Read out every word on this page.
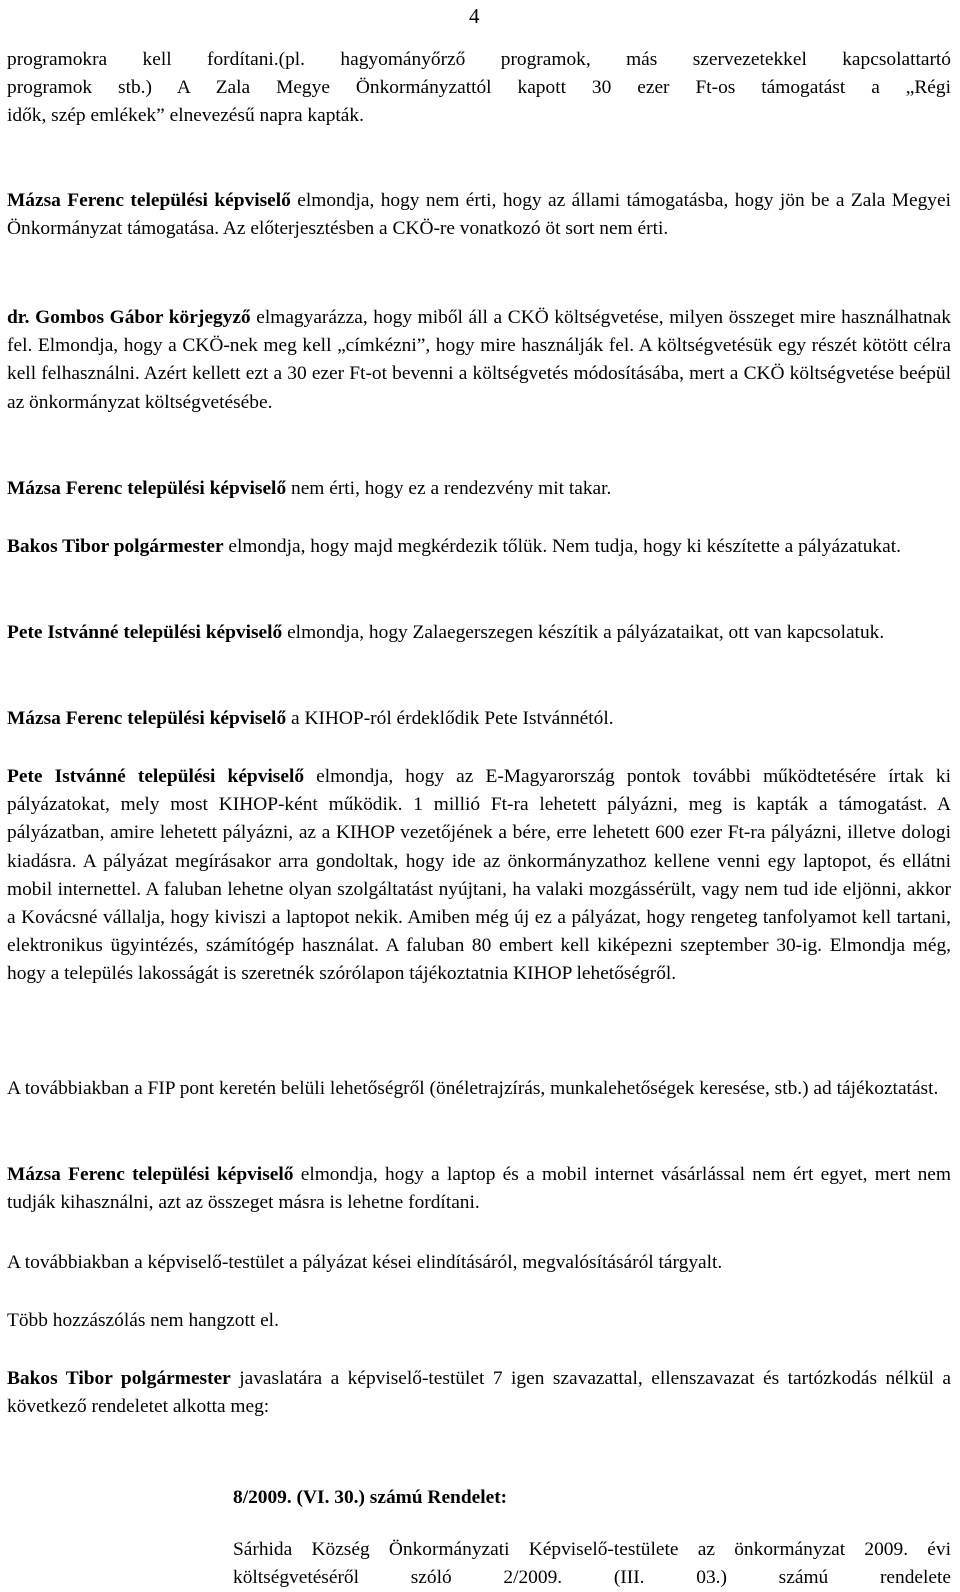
4
programokra kell fordítani.(pl. hagyományőrző programok, más szervezetekkel kapcsolattartó
programok stb.) A Zala Megye Önkormányzattól kapott 30 ezer Ft-os támogatást a „Régi
idők, szép emlékek” elnevezésű napra kapták.

Mázsa Ferenc települési képviselő elmondja, hogy nem érti, hogy az állami támogatásba, hogy jön be a Zala Megyei Önkormányzat támogatása. Az előterjesztésben a CKÖ-re vonatkozó öt sort nem érti.

dr. Gombos Gábor körjegyző elmagyarázza, hogy miből áll a CKÖ költségvetése, milyen összeget mire használhatnak fel. Elmondja, hogy a CKÖ-nek meg kell „címkézni”, hogy mire használják fel. A költségvetésük egy részét kötött célra kell felhasználni. Azért kellett ezt a 30 ezer Ft-ot bevenni a költségvetés módosításába, mert a CKÖ költségvetése beépül az önkormányzat költségvetésébe.

Mázsa Ferenc települési képviselő nem érti, hogy ez a rendezvény mit takar.

Bakos Tibor polgármester elmondja, hogy majd megkérdezik tőlük. Nem tudja, hogy ki készítette a pályázatukat.

Pete Istvánné települési képviselő elmondja, hogy Zalaegerszegen készítik a pályázataikat, ott van kapcsolatuk.

Mázsa Ferenc települési képviselő a KIHOP-ról érdeklődik Pete Istvánnétól.

Pete Istvánné települési képviselő elmondja, hogy az E-Magyarország pontok további működtetésére írtak ki pályázatokat, mely most KIHOP-ként működik. 1 millió Ft-ra lehetett pályázni, meg is kapták a támogatást. A pályázatban, amire lehetett pályázni, az a KIHOP vezetőjének a bére, erre lehetett 600 ezer Ft-ra pályázni, illetve dologi kiadásra. A pályázat megírásakor arra gondoltak, hogy ide az önkormányzathoz kellene venni egy laptopot, és ellátni mobil internettel. A faluban lehetne olyan szolgáltatást nyújtani, ha valaki mozgássérült, vagy nem tud ide eljönni, akkor a Kovácsné vállalja, hogy kiviszi a laptopot nekik. Amiben még új ez a pályázat, hogy rengeteg tanfolyamot kell tartani, elektronikus ügyintézés, számítógép használat. A faluban 80 embert kell kiképezni szeptember 30-ig. Elmondja még, hogy a település lakosságát is szeretnék szórólapon tájékoztatnia KIHOP lehetőségről.

A továbbiakban a FIP pont keretén belüli lehetőségről (önéletrajzírás, munkalehetőségek keresése, stb.) ad tájékoztatást.

Mázsa Ferenc települési képviselő elmondja, hogy a laptop és a mobil internet vásárlással nem ért egyet, mert nem tudják kihasználni, azt az összeget másra is lehetne fordítani.

A továbbiakban a képviselő-testület a pályázat kései elindításáról, megvalósításáról tárgyalt.

Több hozzászólás nem hangzott el.

Bakos Tibor polgármester javaslatára a képviselő-testület 7 igen szavazattal, ellenszavazat és tartózkodás nélkül a következő rendeletet alkotta meg:

8/2009. (VI. 30.) számú Rendelet:

Sárhida Község Önkormányzati Képviselő-testülete az önkormányzat 2009. évi költségvetéséről szóló 2/2009. (III. 03.) számú rendelete
